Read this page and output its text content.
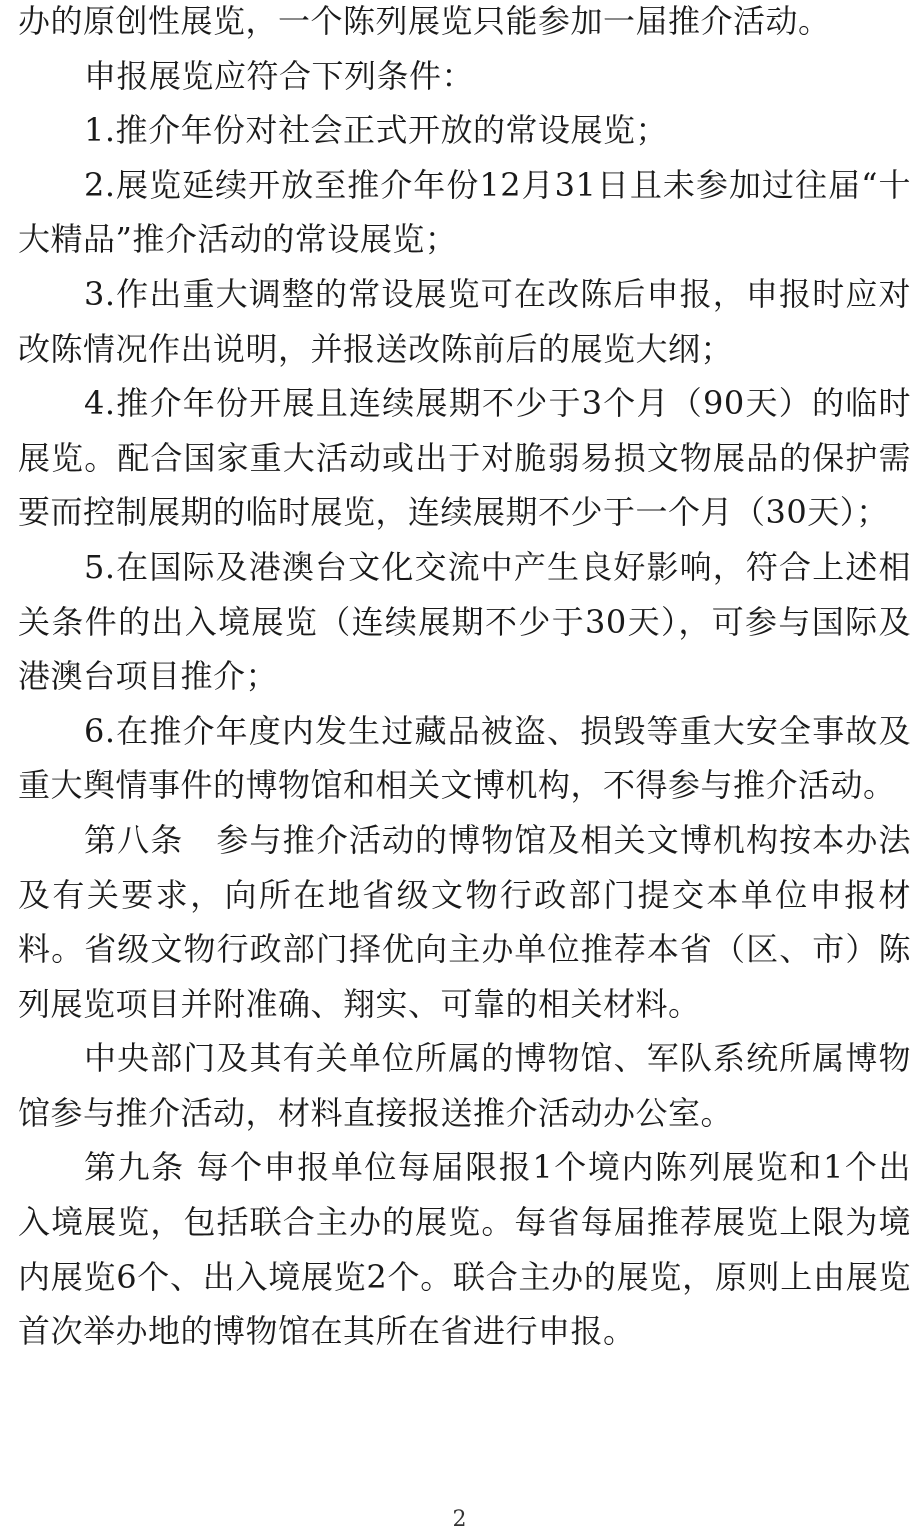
办的原创性展览，一个陈列展览只能参加一届推介活动。

申报展览应符合下列条件：

1.推介年份对社会正式开放的常设展览；

2.展览延续开放至推介年份12月31日且未参加过往届“十大精品”推介活动的常设展览；

3.作出重大调整的常设展览可在改陈后申报，申报时应对改陈情况作出说明，并报送改陈前后的展览大纲；

4.推介年份开展且连续展期不少于3个月（90天）的临时展览。配合国家重大活动或出于对脆弱易损文物展品的保护需要而控制展期的临时展览，连续展期不少于一个月（30天）；

5.在国际及港澳台文化交流中产生良好影响，符合上述相关条件的出入境展览（连续展期不少于30天），可参与国际及港澳台项目推介；

6.在推介年度内发生过藏品被盗、损毁等重大安全事故及重大舆情事件的博物馆和相关文博机构，不得参与推介活动。

第八条　参与推介活动的博物馆及相关文博机构按本办法及有关要求，向所在地省级文物行政部门提交本单位申报材料。省级文物行政部门择优向主办单位推荐本省（区、市）陈列展览项目并附准确、翔实、可靠的相关材料。

中央部门及其有关单位所属的博物馆、军队系统所属博物馆参与推介活动，材料直接报送推介活动办公室。

第九条 每个申报单位每届限报1个境内陈列展览和1个出入境展览，包括联合主办的展览。每省每届推荐展览上限为境内展览6个、出入境展览2个。联合主办的展览，原则上由展览首次举办地的博物馆在其所在省进行申报。

2
